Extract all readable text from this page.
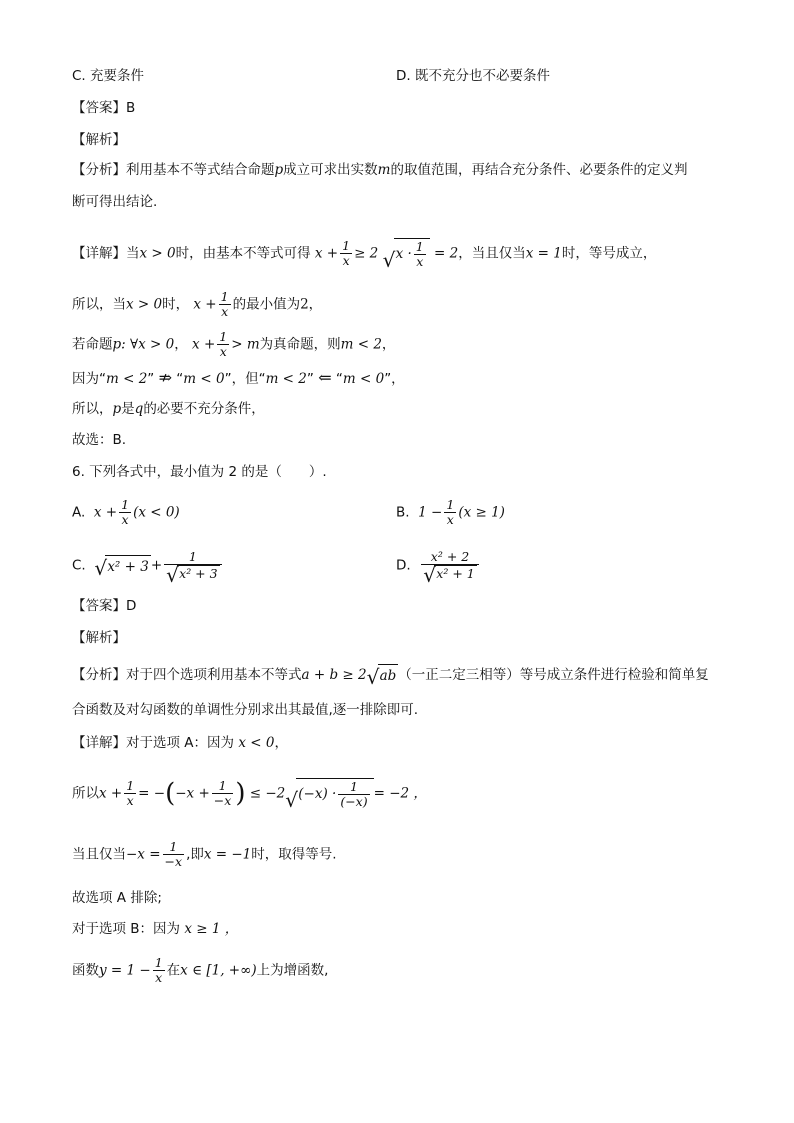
C. 充要条件	D. 既不充分也不必要条件
【答案】B
【解析】
【分析】利用基本不等式结合命题p成立可求出实数m的取值范围，再结合充分条件、必要条件的定义判
断可得出结论.
【详解】当x > 0时，由基本不等式可得 $x + \frac{1}{x} \ge 2$ √ $x \cdot \frac{1}{x} = 2$，当且仅当x = 1时，等号成立，
所以，当x > 0时， $x + \frac{1}{x}$ 的最小值为2，
若命题p: ∀x > 0， $x + \frac{1}{x} > m$为真命题，则m < 2，
因为“m < 2” ⇏ “m < 0”，但“m < 2” ⇐ “m < 0”，
所以，p是q的必要不充分条件，
故选：B.
6. 下列各式中，最小值为 2 的是（　　）.
A. $x + \frac{1}{x} (x < 0)$	B. $1 - \frac{1}{x} (x \ge 1)$
C. √ x² + 3 + 1
√ x² + 3	D. x² + 2
√ x² + 1
【答案】D
【解析】
【分析】对于四个选项利用基本不等式a + b ≥ 2 √ ab （一正二定三相等）等号成立条件进行检验和简单复
合函数及对勾函数的单调性分别求出其最值,逐一排除即可.
【详解】对于选项 A：因为 x < 0，
所以$x + \frac{1}{x} = -(-x + \frac{1}{-x}$ ) ≤ −2 √ $(-x) \cdot \frac{1}{(-x)} = -2$ ，
当且仅当$-x = \frac{1}{-x}$ ,即x = −1时，取得等号.
故选项 A 排除;
对于选项 B：因为 x ≥ 1 ，
函数$y = 1 - \frac{1}{x}$ 在x ∈ [1, +∞)上为增函数,
